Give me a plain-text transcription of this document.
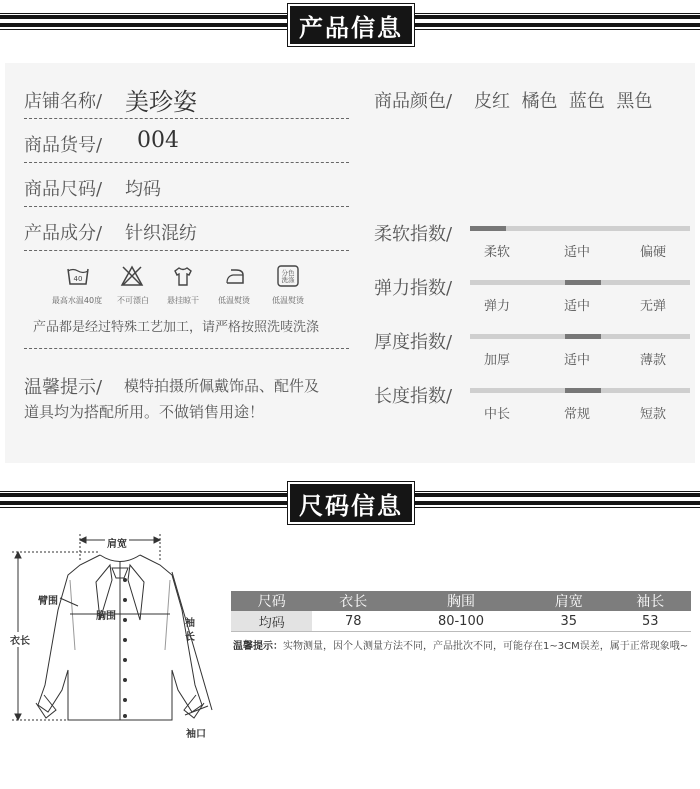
产品信息
店铺名称/ 美珍姿
商品货号/ 004
商品尺码/ 均码
产品成分/ 针织混纺
40
分色
洗涤
最高水温40度	不可漂白	悬挂晾干	低温熨烫	低温熨烫
产品都是经过特殊工艺加工，请严格按照洗唛洗涤
温馨提示/ 模特拍摄所佩戴饰品、配件及
道具均为搭配所用。不做销售用途！
商品颜色/ 皮红  橘色  蓝色  黑色
柔软指数/
柔软	适中	偏硬
弹力指数/
弹力	适中	无弹
厚度指数/
加厚	适中	薄款
长度指数/
中长	常规	短款
尺码信息
肩宽
臂围
胸围
衣长
袖长
袖口
尺码	衣长	胸围	肩宽	袖长
均码	78	80-100	35	53
温馨提示：实物测量，因个人测量方法不同，产品批次不同，可能存在1~3CM误差，属于正常现象哦~
